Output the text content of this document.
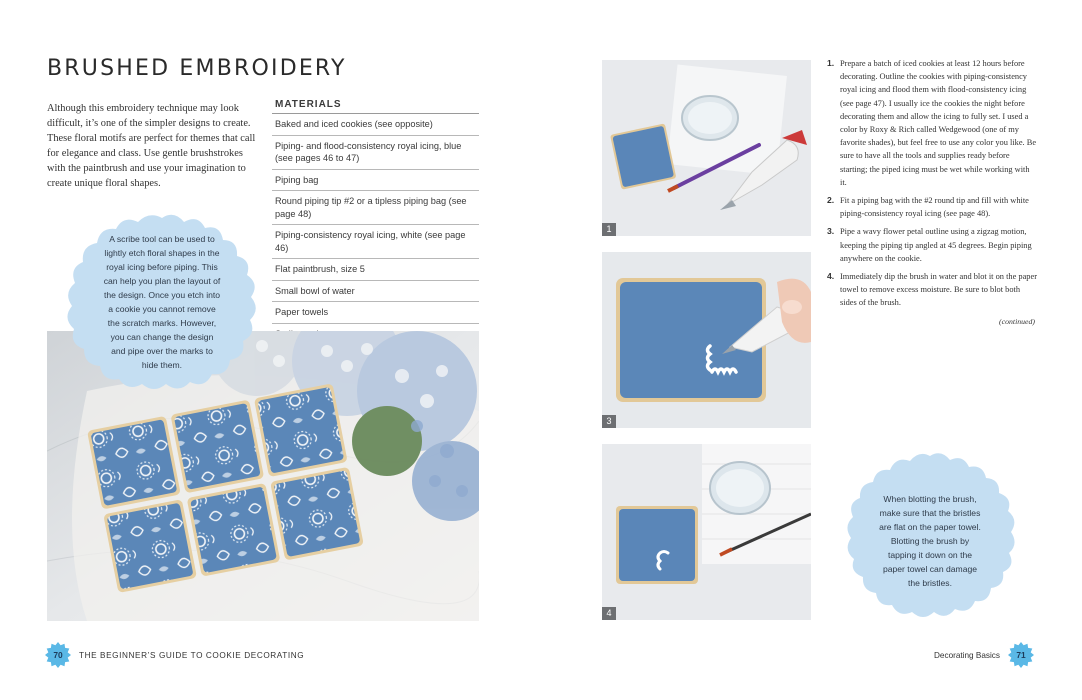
BRUSHED EMBROIDERY

Although this embroidery technique may look difficult, it’s one of the simpler designs to create. These floral motifs are perfect for themes that call for elegance and class. Use gentle brushstrokes with the paintbrush and use your imagination to create unique floral shapes.

MATERIALS
Baked and iced cookies (see opposite)
Piping- and flood-consistency royal icing, blue (see pages 46 to 47)
Piping bag
Round piping tip #2 or a tipless piping bag (see page 48)
Piping-consistency royal icing, white (see page 46)
Flat paintbrush, size 5
Small bowl of water
Paper towels
A scribe tool can be used to lightly etch floral shapes in the royal icing before piping. This can help you plan the layout of the design. Once you etch into a cookie you cannot remove the scratch marks. However, you can change the design and pipe over the marks to hide them.
1
3
4
1. Prepare a batch of iced cookies at least 12 hours before decorating. Outline the cookies with piping-consistency royal icing and flood them with flood-consistency icing (see page 47). I usually ice the cookies the night before decorating them and allow the icing to fully set. I used a color by Roxy & Rich called Wedgewood (one of my favorite shades), but feel free to use any color you like. Be sure to have all the tools and supplies ready before starting; the piped icing must be wet while working with it.
2. Fit a piping bag with the #2 round tip and fill with white piping-consistency royal icing (see page 48).
3. Pipe a wavy flower petal outline using a zigzag motion, keeping the piping tip angled at 45 degrees. Begin piping anywhere on the cookie.
4. Immediately dip the brush in water and blot it on the paper towel to remove excess moisture. Be sure to blot both sides of the brush.
(continued)
When blotting the brush, make sure that the bristles are flat on the paper towel. Blotting the brush by tapping it down on the paper towel can damage the bristles.
70 THE BEGINNER’S GUIDE TO COOKIE DECORATING	Decorating Basics 71
